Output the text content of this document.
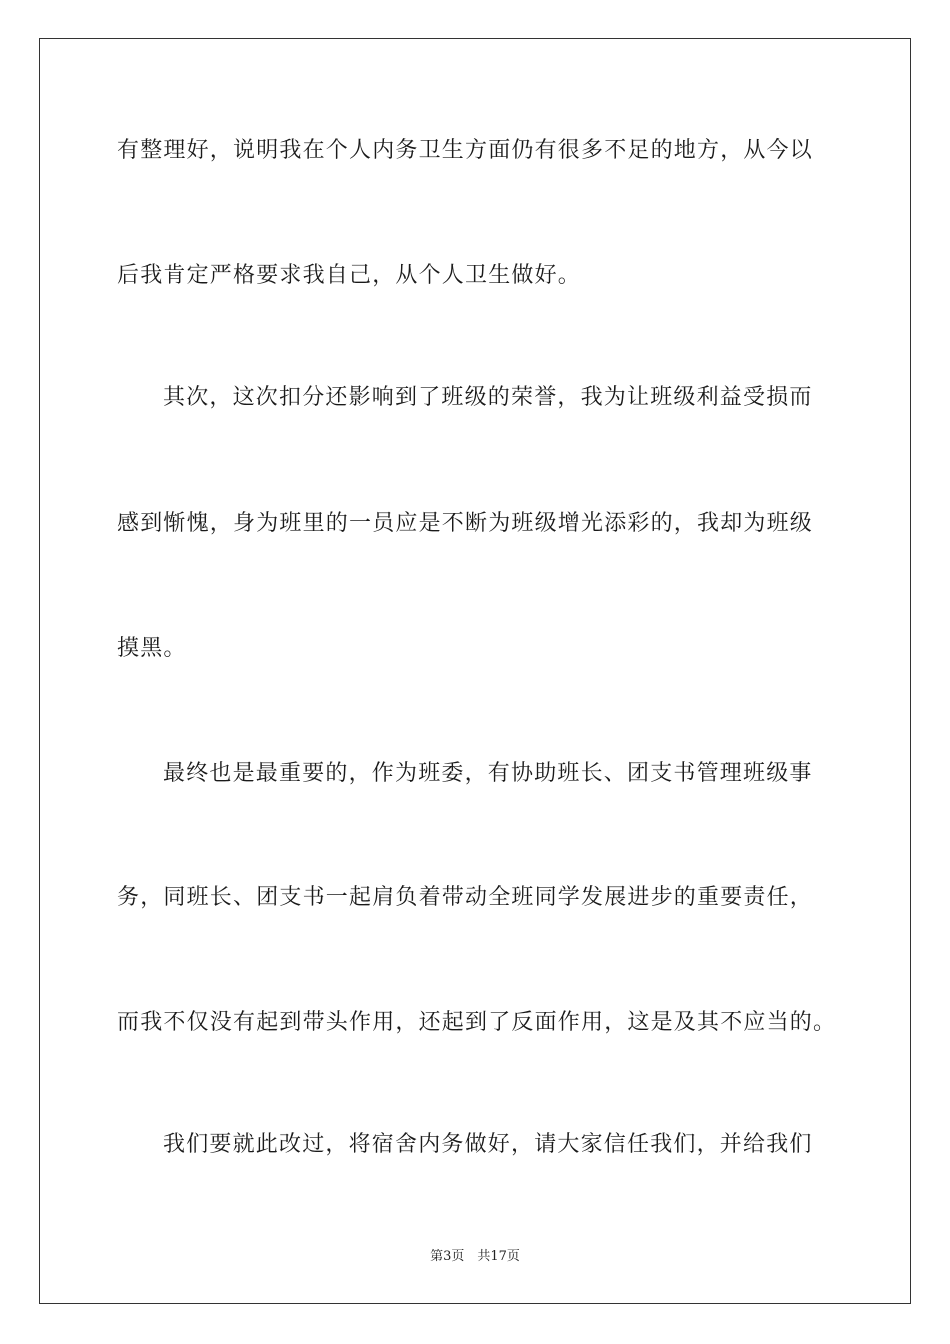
有整理好，说明我在个人内务卫生方面仍有很多不足的地方，从今以
后我肯定严格要求我自己，从个人卫生做好。
其次，这次扣分还影响到了班级的荣誉，我为让班级利益受损而
感到惭愧，身为班里的一员应是不断为班级增光添彩的，我却为班级
摸黑。
最终也是最重要的，作为班委，有协助班长、团支书管理班级事
务，同班长、团支书一起肩负着带动全班同学发展进步的重要责任，
而我不仅没有起到带头作用，还起到了反面作用，这是及其不应当的。
我们要就此改过，将宿舍内务做好，请大家信任我们，并给我们
第3页　共17页
